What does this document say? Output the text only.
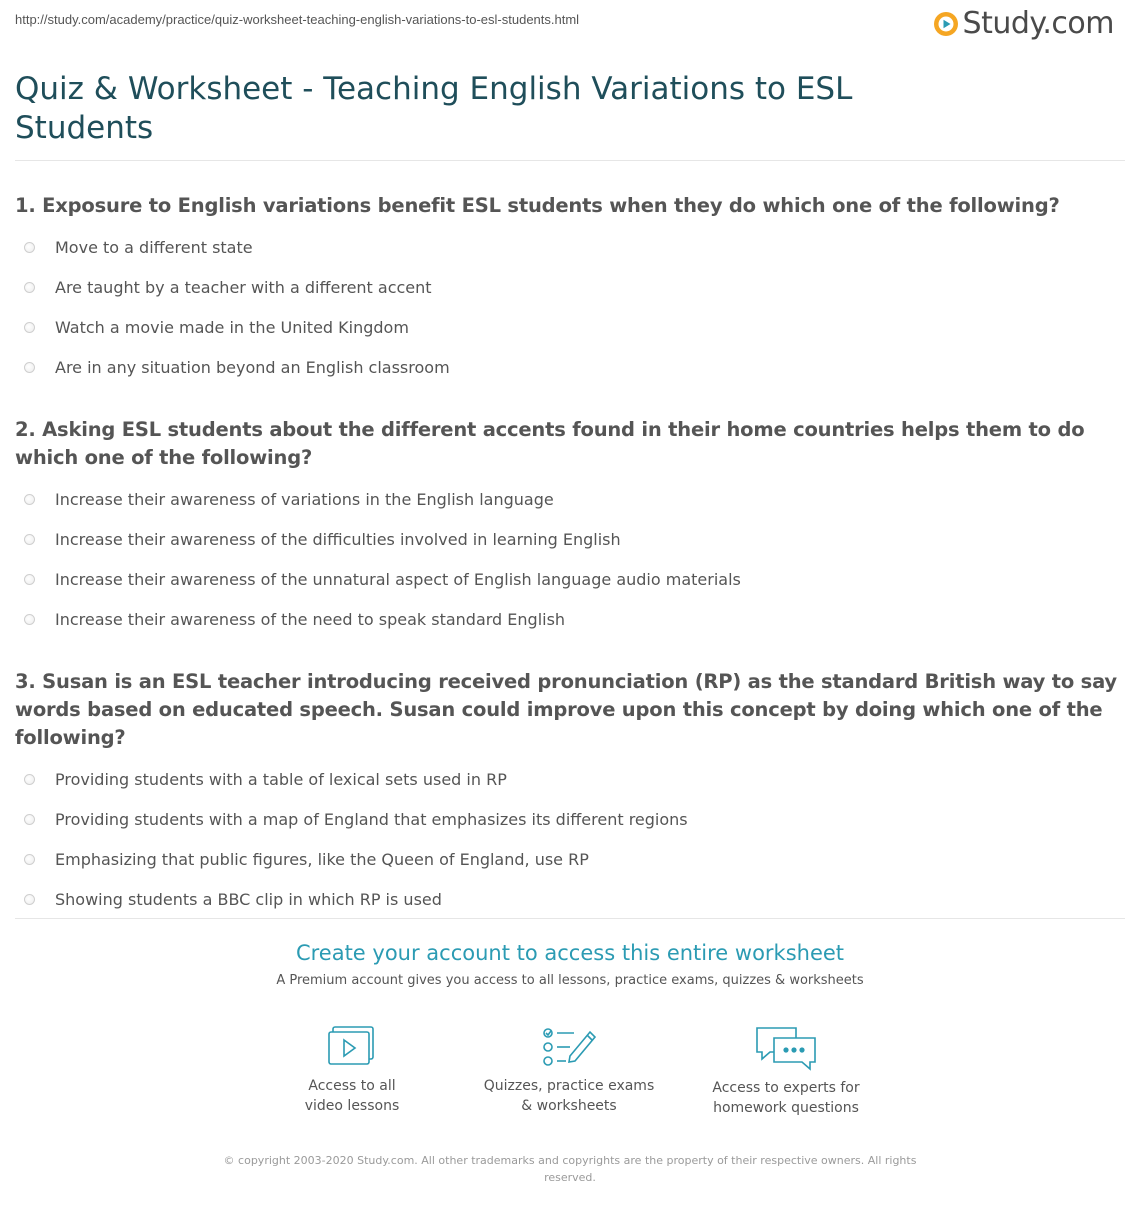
http://study.com/academy/practice/quiz-worksheet-teaching-english-variations-to-esl-students.html	Study.com
Quiz & Worksheet - Teaching English Variations to ESL Students

1. Exposure to English variations benefit ESL students when they do which one of the following?

Move to a different state
Are taught by a teacher with a different accent
Watch a movie made in the United Kingdom
Are in any situation beyond an English classroom

2. Asking ESL students about the different accents found in their home countries helps them to do which one of the following?

Increase their awareness of variations in the English language
Increase their awareness of the difficulties involved in learning English
Increase their awareness of the unnatural aspect of English language audio materials
Increase their awareness of the need to speak standard English

3. Susan is an ESL teacher introducing received pronunciation (RP) as the standard British way to say words based on educated speech. Susan could improve upon this concept by doing which one of the following?

Providing students with a table of lexical sets used in RP
Providing students with a map of England that emphasizes its different regions
Emphasizing that public figures, like the Queen of England, use RP
Showing students a BBC clip in which RP is used
Create your account to access this entire worksheet
A Premium account gives you access to all lessons, practice exams, quizzes & worksheets
Access to all
video lessons
Quizzes, practice exams
& worksheets
Access to experts for
homework questions
© copyright 2003-2020 Study.com. All other trademarks and copyrights are the property of their respective owners. All rights
reserved.
